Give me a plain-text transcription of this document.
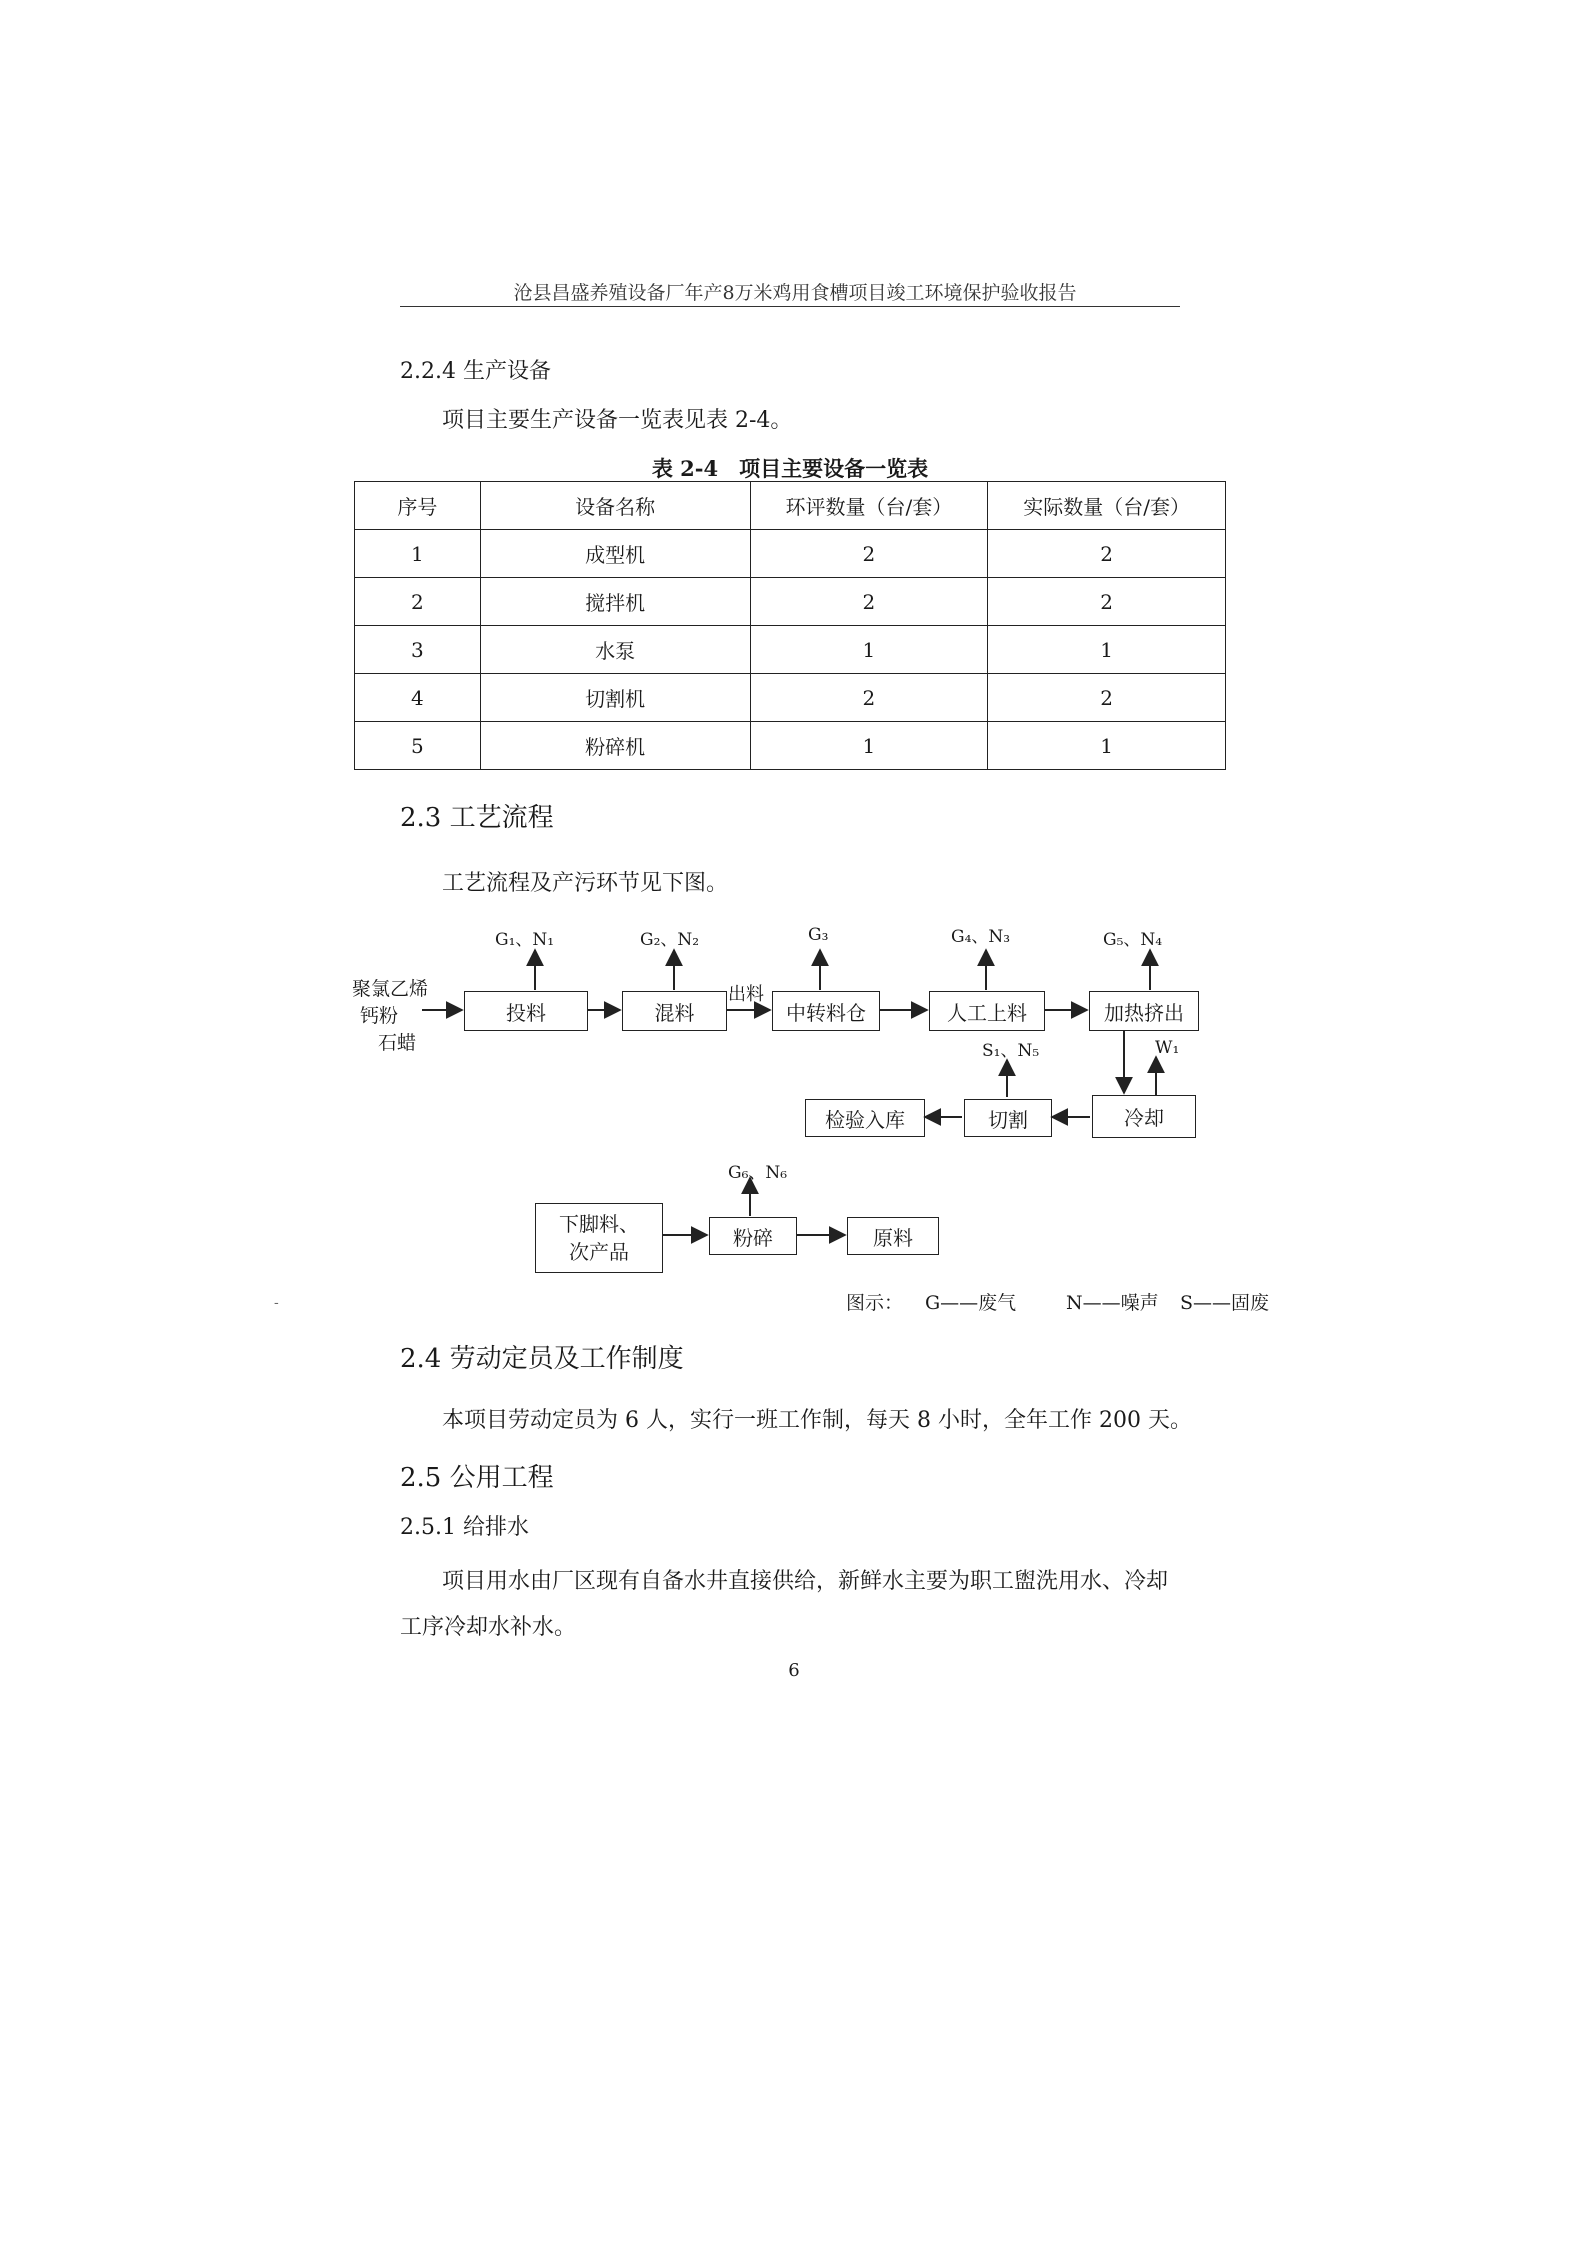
沧县昌盛养殖设备厂年产8万米鸡用食槽项目竣工环境保护验收报告
2.2.4 生产设备
项目主要生产设备一览表见表 2-4。
表 2-4　项目主要设备一览表
序号	设备名称	环评数量（台/套）	实际数量（台/套）
1	成型机	2	2
2	搅拌机	2	2
3	水泵	1	1
4	切割机	2	2
5	粉碎机	1	1
2.3 工艺流程
工艺流程及产污环节见下图。
聚氯乙烯
钙粉
石蜡
投料	混料	中转料仓	人工上料	加热挤出
出料
G₁、N₁	G₂、N₂	G₃	G₄、N₃	G₅、N₄
冷却
切割
检验入库
S₁、N₅	W₁
下脚料、
次产品
粉碎	原料
G₆、N₆
图示： G——废气	N——噪声 S——固废
-
2.4 劳动定员及工作制度
本项目劳动定员为 6 人，实行一班工作制，每天 8 小时，全年工作 200 天。
2.5 公用工程
2.5.1 给排水
项目用水由厂区现有自备水井直接供给，新鲜水主要为职工盥洗用水、冷却
工序冷却水补水。
6
